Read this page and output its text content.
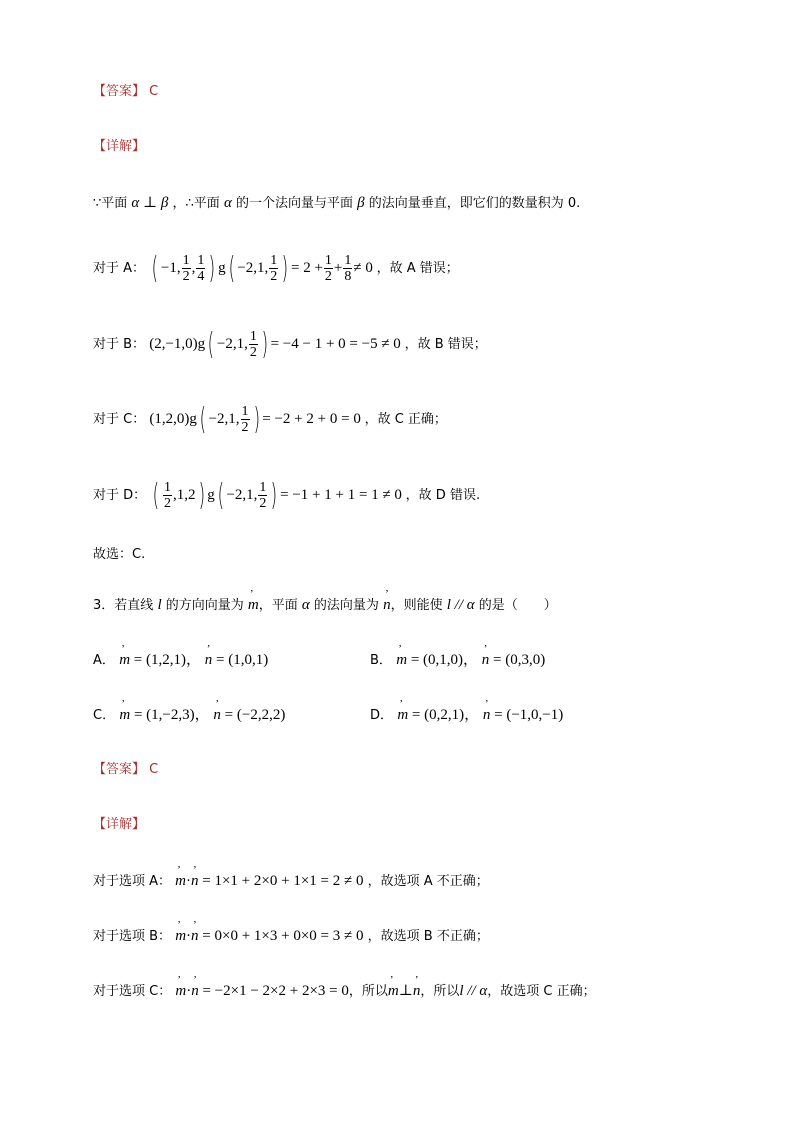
【答案】 C
【详解】
∵平面 α ⊥ β ，∴平面 α 的一个法向量与平面 β 的法向量垂直，即它们的数量积为 0.
对于 A： ( −1, $\frac{1}{2}$ , $\frac{1}{4}$ ) g( −2,1, $\frac{1}{2}$ ) = $2 + \frac{1}{2} + \frac{1}{8} \ne 0$ ，故 A 错误；
对于 B： (2,−1,0)g( −2,1, $\frac{1}{2}$ ) = −4 − 1 + 0 = −5 ≠ 0 ，故 B 错误；
对于 C： (1,2,0)g( −2,1, $\frac{1}{2}$ ) = −2 + 2 + 0 = 0 ，故 C 正确；
对于 D： ( $\frac{1}{2} ,1,2$) g( −2,1, $\frac{1}{2}$ ) = −1 + 1 + 1 = 1 ≠ 0 ，故 D 错误.
故选：C.
3．若直线 l 的方向向量为 ’ m，平面 α 的法向量为 ’ n，则能使 l // α 的是（　　）
A． ’ m = (1,2,1)， ’ n = (1,0,1)	B． ’ m = (0,1,0)， ’ n = (0,3,0)
C． ’ m = (1,−2,3)， ’ n = (−2,2,2)	D． ’ m = (0,2,1)， ’ n = (−1,0,−1)
【答案】 C
【详解】
对于选项 A： ’ m·’ n = 1×1 + 2×0 + 1×1 = 2 ≠ 0 ，故选项 A 不正确；
对于选项 B： ’ m·’ n = 0×0 + 1×3 + 0×0 = 3 ≠ 0 ，故选项 B 不正确；
对于选项 C： ’ m·’ n = −2×1 − 2×2 + 2×3 = 0，所以’ m⊥’ n，所以l // α，故选项 C 正确；
